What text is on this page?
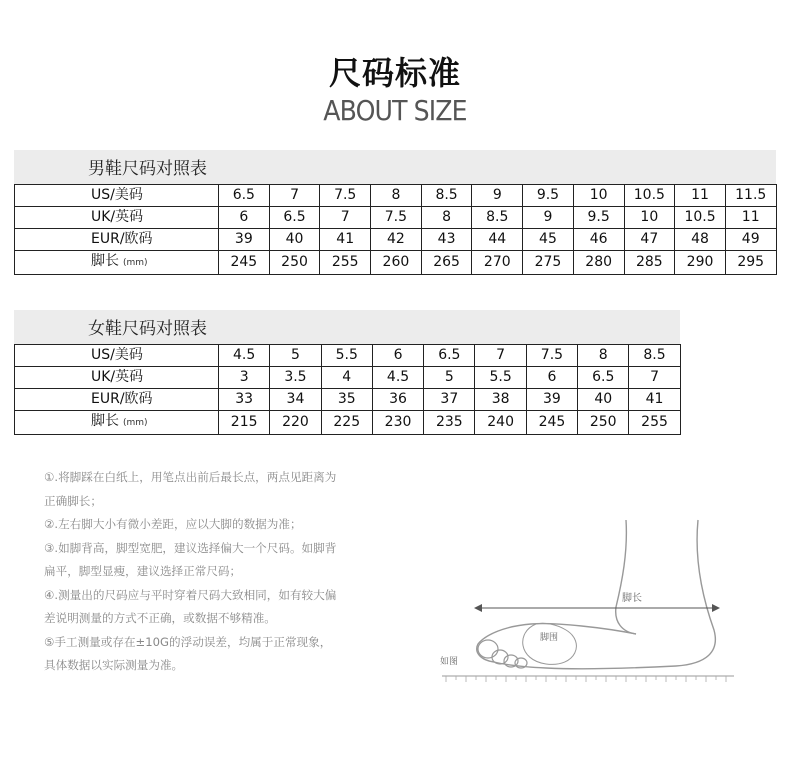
尺码标准
ABOUT SIZE
男鞋尺码对照表
US/美码	6.5	7	7.5	8	8.5	9	9.5	10	10.5	11	11.5
UK/英码	6	6.5	7	7.5	8	8.5	9	9.5	10	10.5	11
EUR/欧码	39	40	41	42	43	44	45	46	47	48	49
脚长 (mm)	245	250	255	260	265	270	275	280	285	290	295
女鞋尺码对照表
US/美码	4.5	5	5.5	6	6.5	7	7.5	8	8.5
UK/英码	3	3.5	4	4.5	5	5.5	6	6.5	7
EUR/欧码	33	34	35	36	37	38	39	40	41
脚长 (mm)	215	220	225	230	235	240	245	250	255

①.将脚踩在白纸上，用笔点出前后最长点，两点见距离为

正确脚长；

②.左右脚大小有微小差距，应以大脚的数据为准；

③.如脚背高，脚型宽肥，建议选择偏大一个尺码。如脚背

扁平，脚型显瘦，建议选择正常尺码；

④.测量出的尺码应与平时穿着尺码大致相同，如有较大偏

差说明测量的方式不正确，或数据不够精准。

⑤手工测量或存在±10G的浮动误差，均属于正常现象，

具体数据以实际测量为准。

脚长
脚围
如图
